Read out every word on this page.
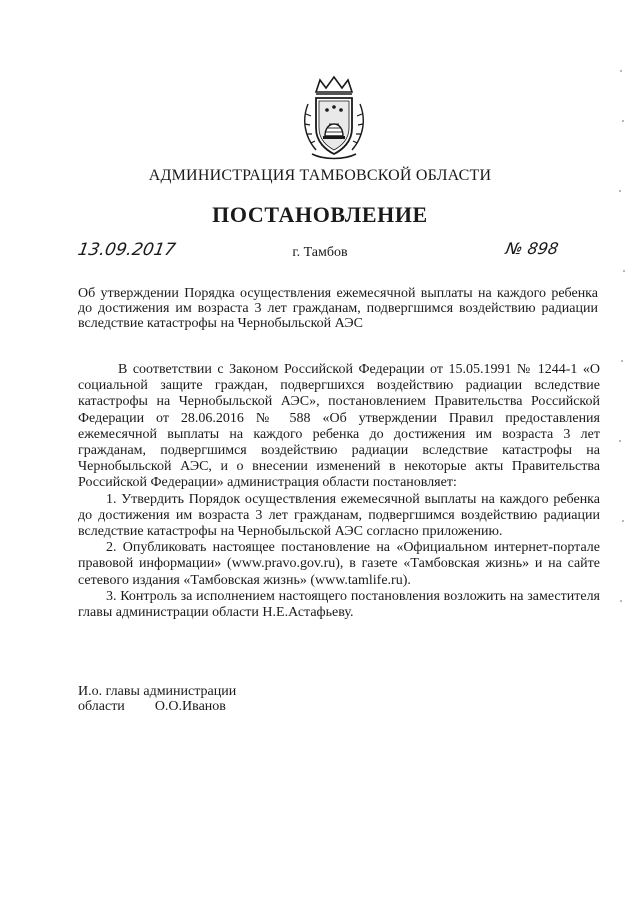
АДМИНИСТРАЦИЯ ТАМБОВСКОЙ ОБЛАСТИ
ПОСТАНОВЛЕНИЕ
13.09.2017	г. Тамбов	№ 898
Об утверждении Порядка осуществления ежемесячной выплаты на каждого ребенка до достижения им возраста 3 лет гражданам, подвергшимся воздействию радиации вследствие катастрофы на Чернобыльской АЭС

В соответствии с Законом Российской Федерации от 15.05.1991 № 1244-1 «О социальной защите граждан, подвергшихся воздействию радиации вследствие катастрофы на Чернобыльской АЭС», постановлением Правительства Российской Федерации от 28.06.2016 № 588 «Об утверждении Правил предоставления ежемесячной выплаты на каждого ребенка до достижения им возраста 3 лет гражданам, подвергшимся воздействию радиации вследствие катастрофы на Чернобыльской АЭС, и о внесении изменений в некоторые акты Правительства Российской Федерации» администрация области постановляет:

1. Утвердить Порядок осуществления ежемесячной выплаты на каждого ребенка до достижения им возраста 3 лет гражданам, подвергшимся воздействию радиации вследствие катастрофы на Чернобыльской АЭС согласно приложению.

2. Опубликовать настоящее постановление на «Официальном интернет-портале правовой информации» (www.pravo.gov.ru), в газете «Тамбовская жизнь» и на сайте сетевого издания «Тамбовская жизнь» (www.tamlife.ru).

3. Контроль за исполнением настоящего постановления возложить на заместителя главы администрации области Н.Е.Астафьеву.

И.о. главы администрации
области О.О.Иванов
